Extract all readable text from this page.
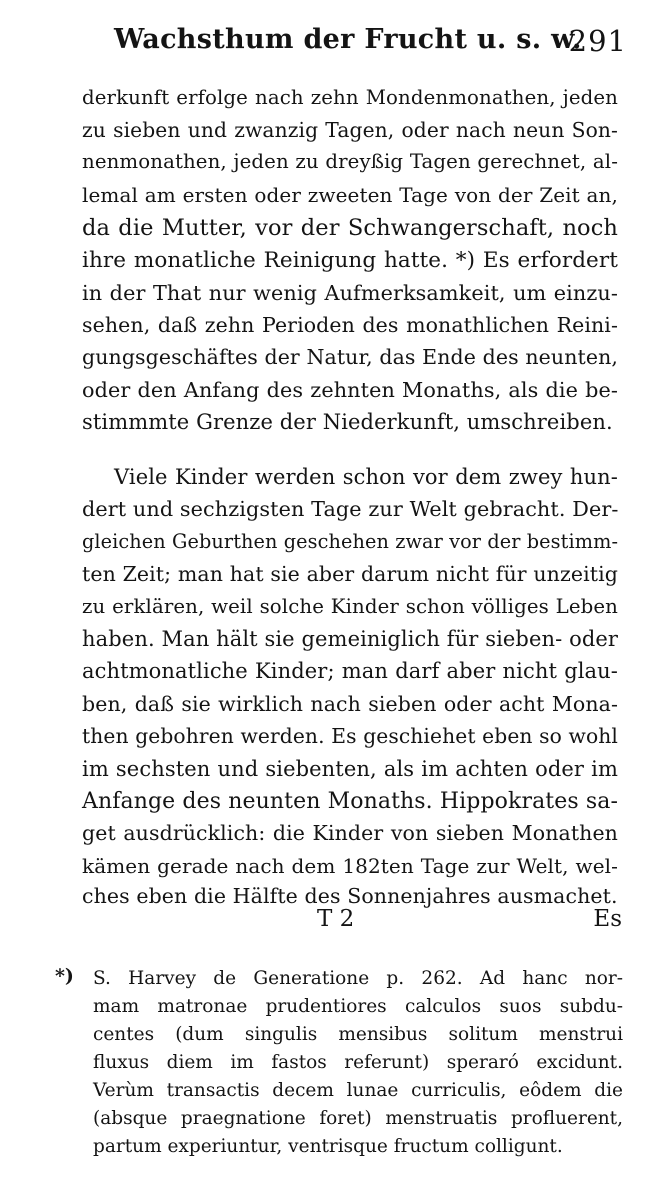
Wachsthum der Frucht u. s. w.
291
derkunft erfolge nach zehn Mondenmonathen, jeden
zu sieben und zwanzig Tagen, oder nach neun Son-
nenmonathen, jeden zu dreyßig Tagen gerechnet, al-
lemal am ersten oder zweeten Tage von der Zeit an,
da die Mutter, vor der Schwangerschaft, noch
ihre monatliche Reinigung hatte. *) Es erfordert
in der That nur wenig Aufmerksamkeit, um einzu-
sehen, daß zehn Perioden des monathlichen Reini-
gungsgeschäftes der Natur, das Ende des neunten,
oder den Anfang des zehnten Monaths, als die be-
stimmmte Grenze der Niederkunft, umschreiben.
Viele Kinder werden schon vor dem zwey hun-
dert und sechzigsten Tage zur Welt gebracht. Der-
gleichen Geburthen geschehen zwar vor der bestimm-
ten Zeit; man hat sie aber darum nicht für unzeitig
zu erklären, weil solche Kinder schon völliges Leben
haben. Man hält sie gemeiniglich für sieben- oder
achtmonatliche Kinder; man darf aber nicht glau-
ben, daß sie wirklich nach sieben oder acht Mona-
then gebohren werden. Es geschiehet eben so wohl
im sechsten und siebenten, als im achten oder im
Anfange des neunten Monaths. Hippokrates sa-
get ausdrücklich: die Kinder von sieben Monathen
kämen gerade nach dem 182ten Tage zur Welt, wel-
ches eben die Hälfte des Sonnenjahres ausmachet.
T 2	Es
*) S. Harvey de Generatione p. 262. Ad hanc nor-
mam matronae prudentiores calculos suos subdu-
centes (dum singulis mensibus solitum menstrui
fluxus diem im fastos referunt) speraró excidunt.
Verùm transactis decem lunae curriculis, eôdem die
(absque praegnatione foret) menstruatis profluerent,
partum experiuntur, ventrisque fructum colligunt.
